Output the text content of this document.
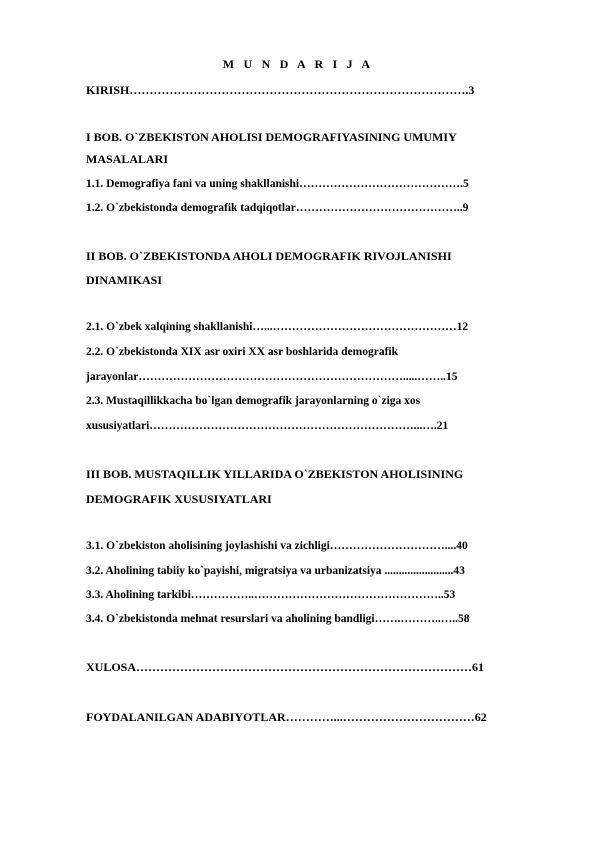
M U N D A R I J A
KIRISH………………………………………………………………………….3
I BOB. O`ZBEKISTON AHOLISI DEMOGRAFIYASINING UMUMIY
MASALALARI
1.1. Demografiya fani va uning shakllanishi…………………………………….5
1.2. O`zbekistonda demografik tadqiqotlar……………………………………..9
II BOB. O`ZBEKISTONDA AHOLI DEMOGRAFIK RIVOJLANISHI
DINAMIKASI
2.1. O`zbek xalqining shakllanishi…...…………………………………………12
2.2. O`zbekistonda XIX asr oxiri XX asr boshlarida demografik
jarayonlar…………………………………………………………….....……..15
2.3. Mustaqillikkacha bo`lgan demografik jarayonlarning o`ziga xos
xususiyatlari……………………………………………………………...….21
III BOB. MUSTAQILLIK YILLARIDA O`ZBEKISTON AHOLISINING
DEMOGRAFIK XUSUSIYATLARI
3.1. O`zbekiston aholisining joylashishi va zichligi…………………………....40
3.2. Aholining tabiiy ko`payishi, migratsiya va urbanizatsiya ........................43
3.3. Aholining tarkibi……………..…………………………………………..53
3.4. O`zbekistonda mehnat resurslari va aholining bandligi…….………..…..58
XULOSA…………………………………………………………………………61
FOYDALANILGAN ADABIYOTLAR…………...……………………………62
